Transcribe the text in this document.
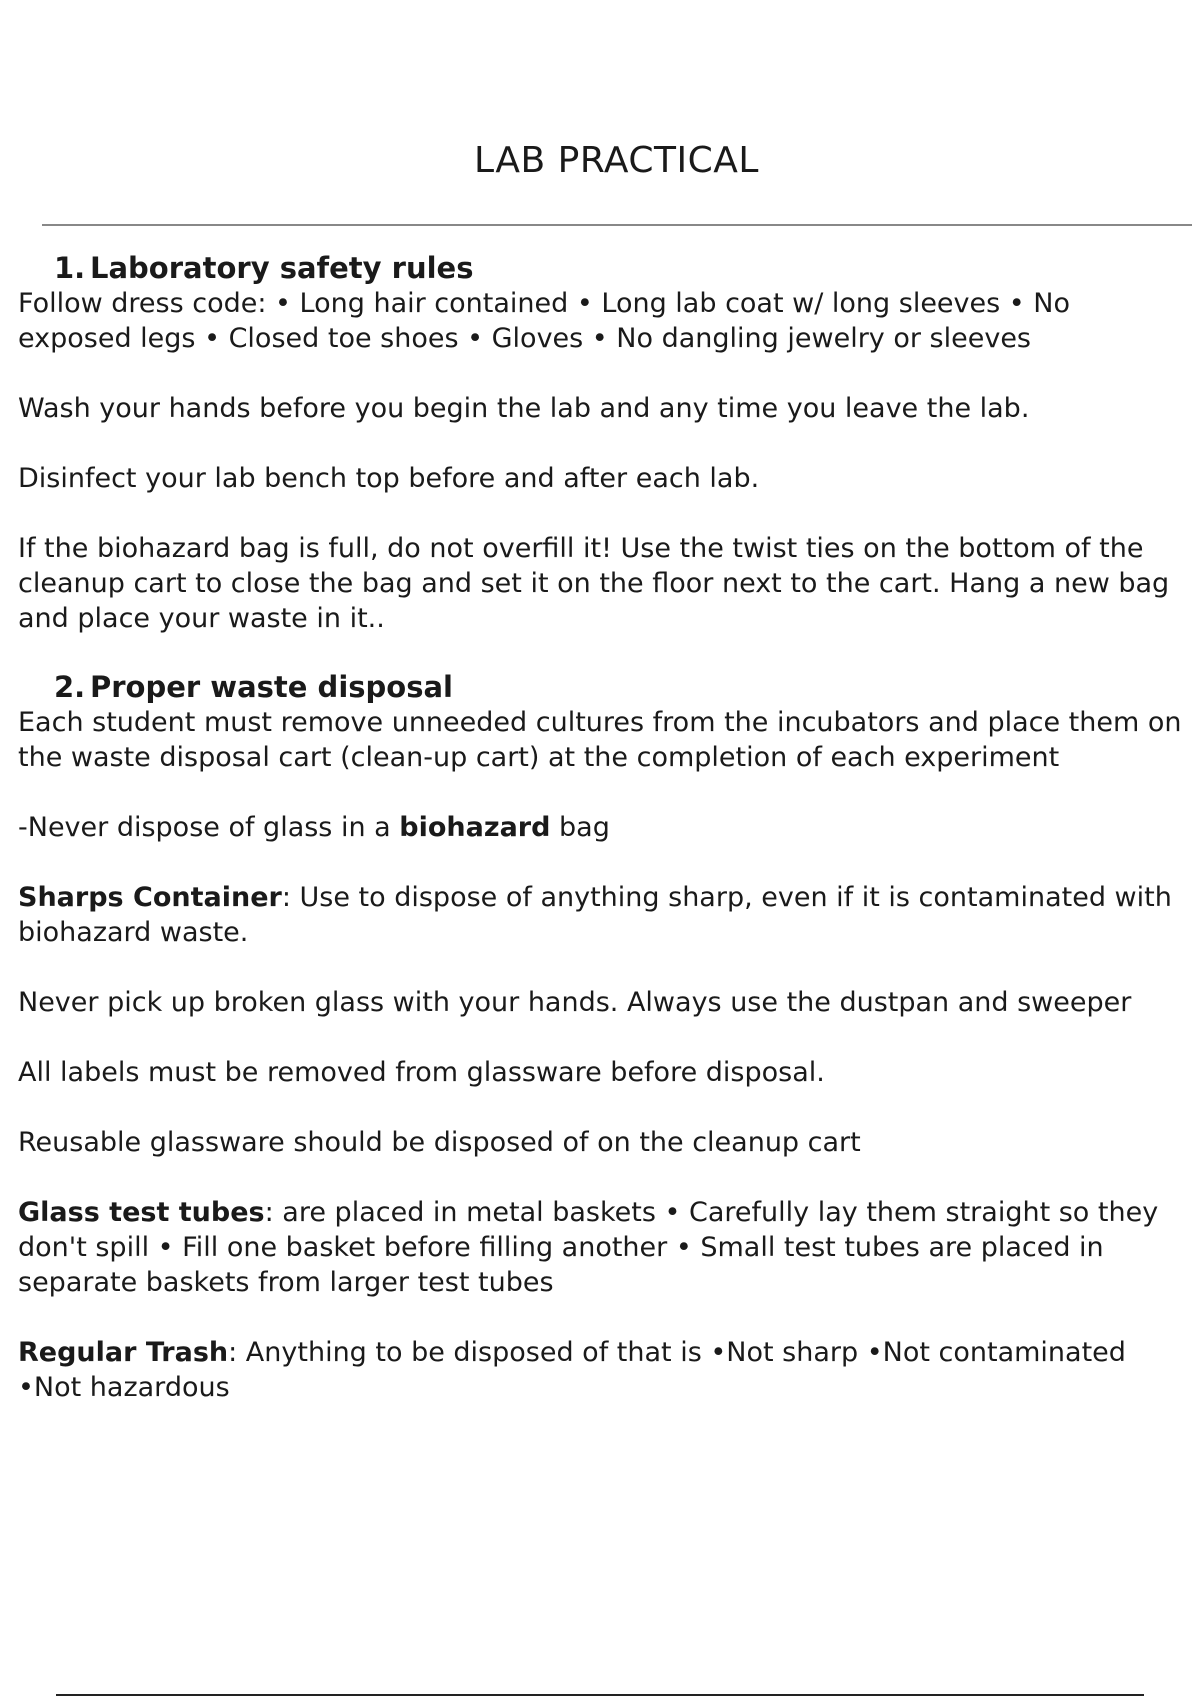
LAB PRACTICAL
1. Laboratory safety rules

Follow dress code: • Long hair contained • Long lab coat w/ long sleeves • No exposed legs • Closed toe shoes • Gloves • No dangling jewelry or sleeves

Wash your hands before you begin the lab and any time you leave the lab.

Disinfect your lab bench top before and after each lab.

If the biohazard bag is full, do not overfill it! Use the twist ties on the bottom of the cleanup cart to close the bag and set it on the floor next to the cart. Hang a new bag and place your waste in it..

2. Proper waste disposal

Each student must remove unneeded cultures from the incubators and place them on the waste disposal cart (clean-up cart) at the completion of each experiment

-Never dispose of glass in a biohazard bag

Sharps Container: Use to dispose of anything sharp, even if it is contaminated with biohazard waste.

Never pick up broken glass with your hands. Always use the dustpan and sweeper

All labels must be removed from glassware before disposal.

Reusable glassware should be disposed of on the cleanup cart

Glass test tubes: are placed in metal baskets • Carefully lay them straight so they don't spill • Fill one basket before filling another • Small test tubes are placed in separate baskets from larger test tubes

Regular Trash: Anything to be disposed of that is •Not sharp •Not contaminated •Not hazardous
